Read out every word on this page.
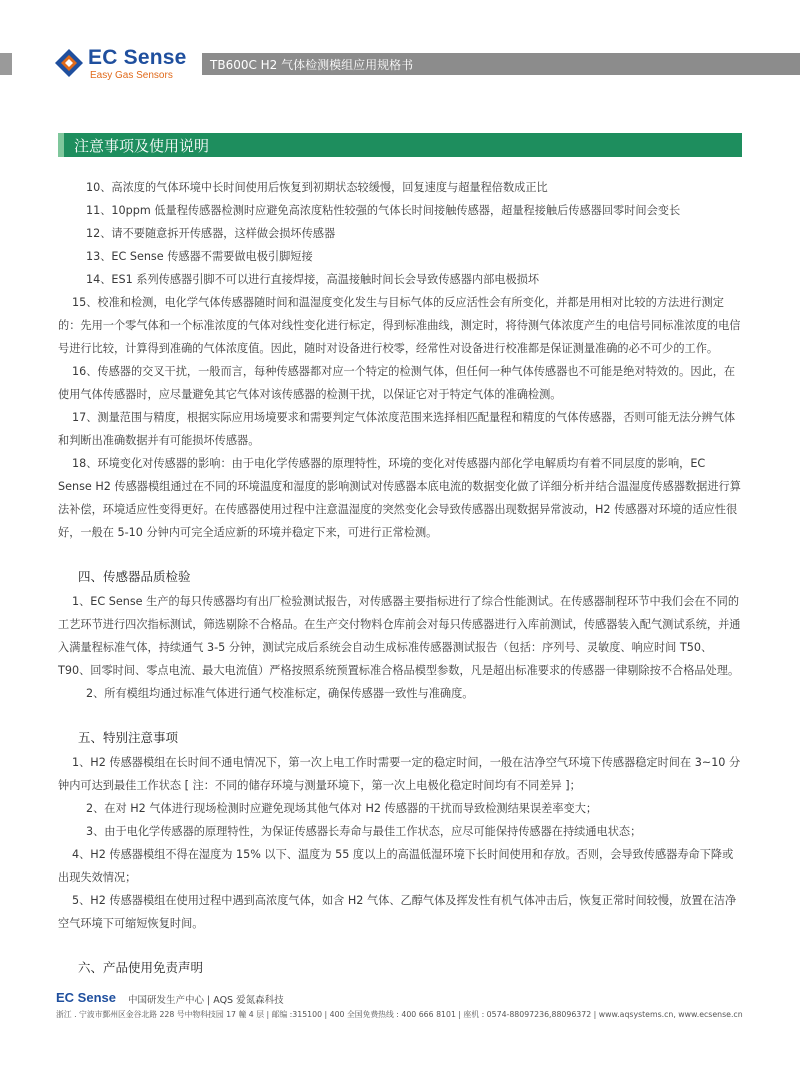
EC Sense
Easy Gas Sensors
TB600C H2 气体检测模组应用规格书
注意事项及使用说明

10、高浓度的气体环境中长时间使用后恢复到初期状态较缓慢，回复速度与超量程倍数成正比

11、10ppm 低量程传感器检测时应避免高浓度粘性较强的气体长时间接触传感器，超量程接触后传感器回零时间会变长

12、请不要随意拆开传感器，这样做会损坏传感器

13、EC Sense 传感器不需要做电极引脚短接

14、ES1 系列传感器引脚不可以进行直接焊接，高温接触时间长会导致传感器内部电极损坏

15、校准和检测，电化学气体传感器随时间和温湿度变化发生与目标气体的反应活性会有所变化，并都是用相对比较的方法进行测定的：先用一个零气体和一个标准浓度的气体对线性变化进行标定，得到标准曲线，测定时，将待测气体浓度产生的电信号同标准浓度的电信号进行比较，计算得到准确的气体浓度值。因此，随时对设备进行校零，经常性对设备进行校准都是保证测量准确的必不可少的工作。

16、传感器的交叉干扰，一般而言，每种传感器都对应一个特定的检测气体，但任何一种气体传感器也不可能是绝对特效的。因此，在使用气体传感器时，应尽量避免其它气体对该传感器的检测干扰，以保证它对于特定气体的准确检测。

17、测量范围与精度，根据实际应用场境要求和需要判定气体浓度范围来选择相匹配量程和精度的气体传感器，否则可能无法分辨气体和判断出准确数据并有可能损坏传感器。

18、环境变化对传感器的影响：由于电化学传感器的原理特性，环境的变化对传感器内部化学电解质均有着不同层度的影响，EC Sense H2 传感器模组通过在不同的环境温度和湿度的影响测试对传感器本底电流的数据变化做了详细分析并结合温湿度传感器数据进行算法补偿，环境适应性变得更好。在传感器使用过程中注意温湿度的突然变化会导致传感器出现数据异常波动，H2 传感器对环境的适应性很好，一般在 5-10 分钟内可完全适应新的环境并稳定下来，可进行正常检测。

四、传感器品质检验

1、EC Sense 生产的每只传感器均有出厂检验测试报告，对传感器主要指标进行了综合性能测试。在传感器制程环节中我们会在不同的工艺环节进行四次指标测试，筛选剔除不合格品。在生产交付物料仓库前会对每只传感器进行入库前测试，传感器装入配气测试系统，并通入满量程标准气体，持续通气 3-5 分钟，测试完成后系统会自动生成标准传感器测试报告（包括：序列号、灵敏度、响应时间 T50、 T90、回零时间、零点电流、最大电流值）严格按照系统预置标准合格品模型参数，凡是超出标准要求的传感器一律剔除按不合格品处理。

2、所有模组均通过标准气体进行通气校准标定，确保传感器一致性与准确度。

五、特别注意事项

1、H2 传感器模组在长时间不通电情况下，第一次上电工作时需要一定的稳定时间，一般在洁净空气环境下传感器稳定时间在 3~10 分钟内可达到最佳工作状态 [ 注：不同的储存环境与测量环境下，第一次上电极化稳定时间均有不同差异 ]；

2、在对 H2 气体进行现场检测时应避免现场其他气体对 H2 传感器的干扰而导致检测结果误差率变大；

3、由于电化学传感器的原理特性，为保证传感器长寿命与最佳工作状态，应尽可能保持传感器在持续通电状态；

4、H2 传感器模组不得在湿度为 15% 以下、温度为 55 度以上的高温低湿环境下长时间使用和存放。否则，会导致传感器寿命下降或出现失效情况；

5、H2 传感器模组在使用过程中遇到高浓度气体，如含 H2 气体、乙醇气体及挥发性有机气体冲击后，恢复正常时间较慢，放置在洁净空气环境下可缩短恢复时间。

六、产品使用免责声明
EC Sense 中国研发生产中心 | AQS 爱氮森科技
浙江 . 宁波市鄞州区金谷北路 228 号中物科技园 17 幢 4 层 | 邮编 :315100 | 400 全国免费热线 : 400 666 8101 | 座机 : 0574-88097236,88096372 | www.aqsystems.cn, www.ecsense.cn
